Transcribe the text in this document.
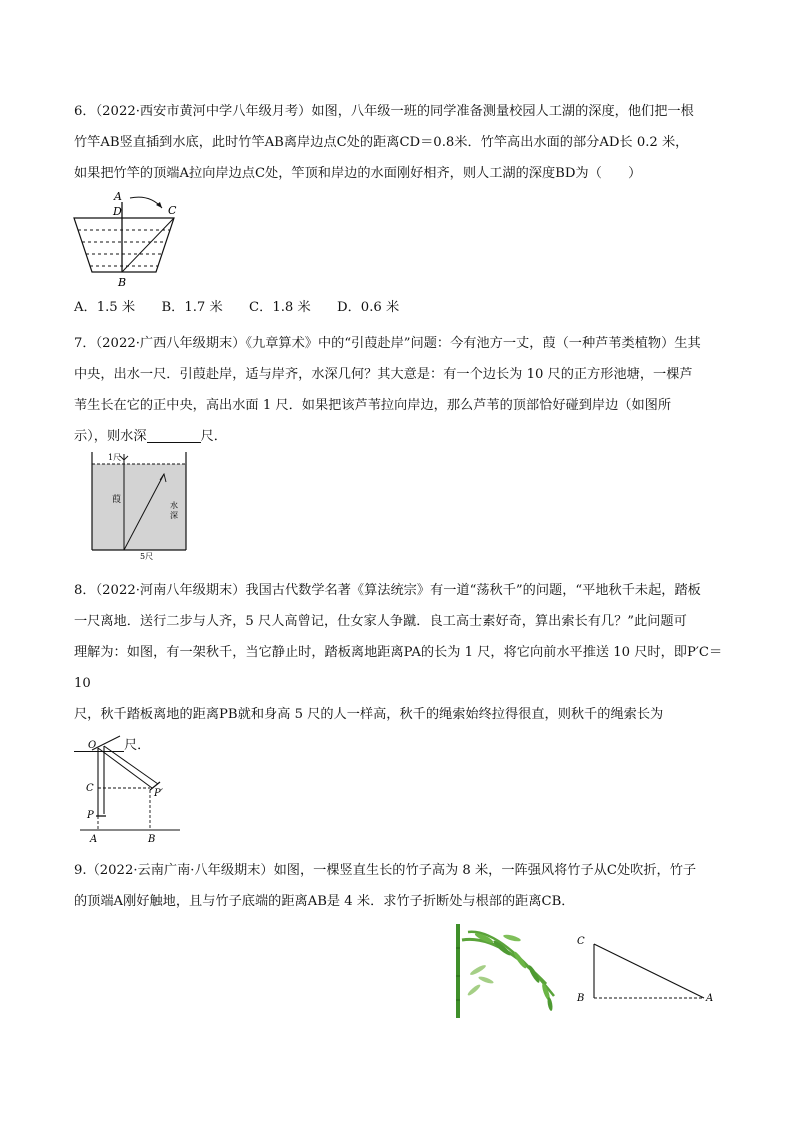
6．（2022·西安市黄河中学八年级月考）如图，八年级一班的同学准备测量校园人工湖的深度，他们把一根

竹竿AB竖直插到水底，此时竹竿AB离岸边点C处的距离CD＝0.8米．竹竿高出水面的部分AD长 0.2 米，

如果把竹竿的顶端A拉向岸边点C处，竿顶和岸边的水面刚好相齐，则人工湖的深度BD为（　　）

A
D	C
B
A．1.5 米　　B．1.7 米　　C．1.8 米　　D．0.6 米

7．（2022·广西八年级期末）《九章算术》中的“引葭赴岸”问题：今有池方一丈，葭（一种芦苇类植物）生其

中央，出水一尺．引葭赴岸，适与岸齐，水深几何？其大意是：有一个边长为 10 尺的正方形池塘，一棵芦

苇生长在它的正中央，高出水面 1 尺．如果把该芦苇拉向岸边，那么芦苇的顶部恰好碰到岸边（如图所

示），则水深	尺．

1尺
葭
水
深
5尺

8．（2022·河南八年级期末）我国古代数学名著《算法统宗》有一道“荡秋千”的问题，“平地秋千未起，踏板

一尺离地．送行二步与人齐，5 尺人高曾记，仕女家人争蹴．良工高士素好奇，算出索长有几？”此问题可

理解为：如图，有一架秋千，当它静止时，踏板离地距离PA的长为 1 尺，将它向前水平推送 10 尺时，即P′C＝10

尺，秋千踏板离地的距离PB就和身高 5 尺的人一样高，秋千的绳索始终拉得很直，则秋千的绳索长为

尺．

O
C
P
P′
A	B

9.（2022·云南广南·八年级期末）如图，一棵竖直生长的竹子高为 8 米，一阵强风将竹子从C处吹折，竹子

的顶端A刚好触地，且与竹子底端的距离AB是 4 米．求竹子折断处与根部的距离CB．

C
B	A
